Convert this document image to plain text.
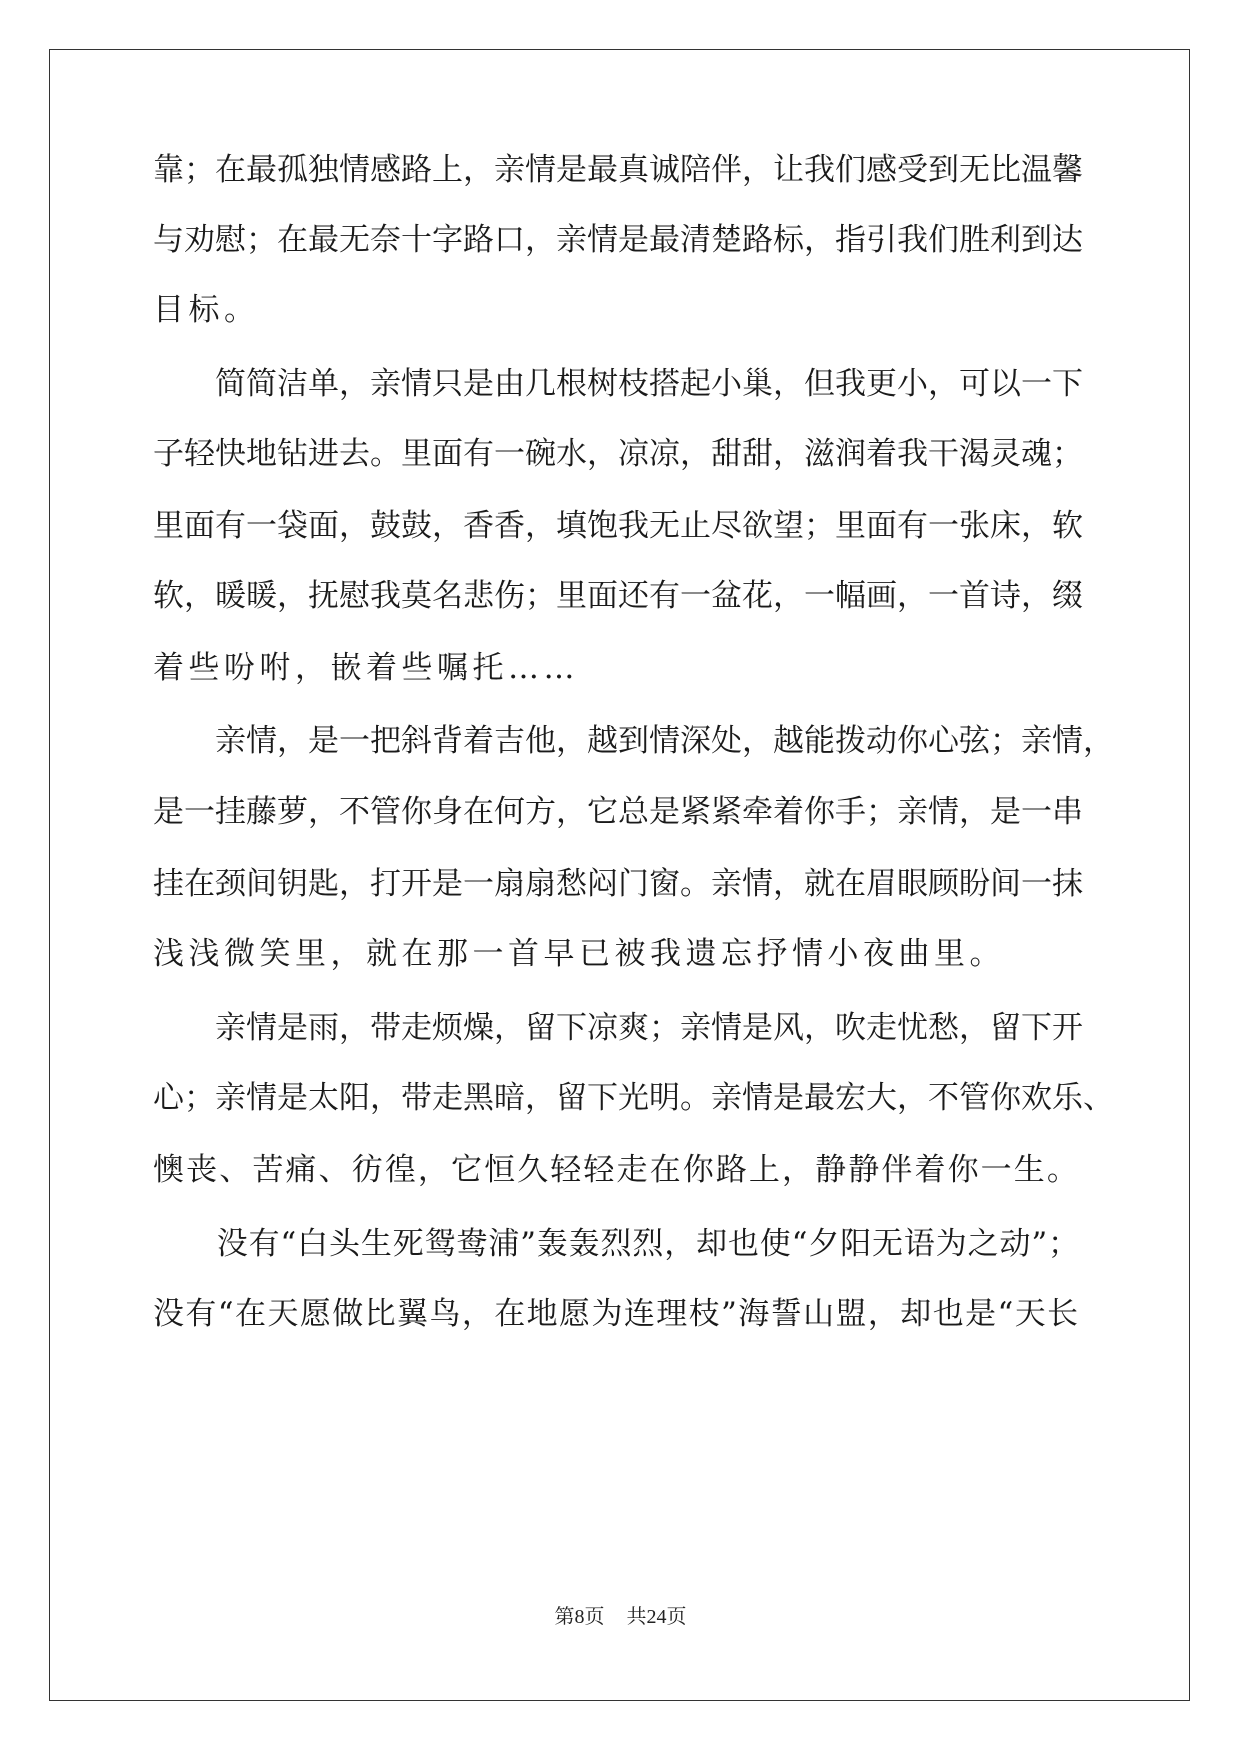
靠；在最孤独情感路上，亲情是最真诚陪伴，让我们感受到无比温馨
与劝慰；在最无奈十字路口，亲情是最清楚路标，指引我们胜利到达
目标。
　　简简洁单，亲情只是由几根树枝搭起小巢，但我更小，可以一下
子轻快地钻进去。里面有一碗水，凉凉，甜甜，滋润着我干渴灵魂；
里面有一袋面，鼓鼓，香香，填饱我无止尽欲望；里面有一张床，软
软，暖暖，抚慰我莫名悲伤；里面还有一盆花，一幅画，一首诗，缀
着些吩咐，嵌着些嘱托……
　　亲情，是一把斜背着吉他，越到情深处，越能拨动你心弦；亲情，
是一挂藤萝，不管你身在何方，它总是紧紧牵着你手；亲情，是一串
挂在颈间钥匙，打开是一扇扇愁闷门窗。亲情，就在眉眼顾盼间一抹
浅浅微笑里，就在那一首早已被我遗忘抒情小夜曲里。
　　亲情是雨，带走烦燥，留下凉爽；亲情是风，吹走忧愁，留下开
心；亲情是太阳，带走黑暗，留下光明。亲情是最宏大，不管你欢乐、
懊丧、苦痛、彷徨，它恒久轻轻走在你路上，静静伴着你一生。
　　没有“白头生死鸳鸯浦”轰轰烈烈，却也使“夕阳无语为之动”；
没有“在天愿做比翼鸟，在地愿为连理枝”海誓山盟，却也是“天长
第8页 共24页
